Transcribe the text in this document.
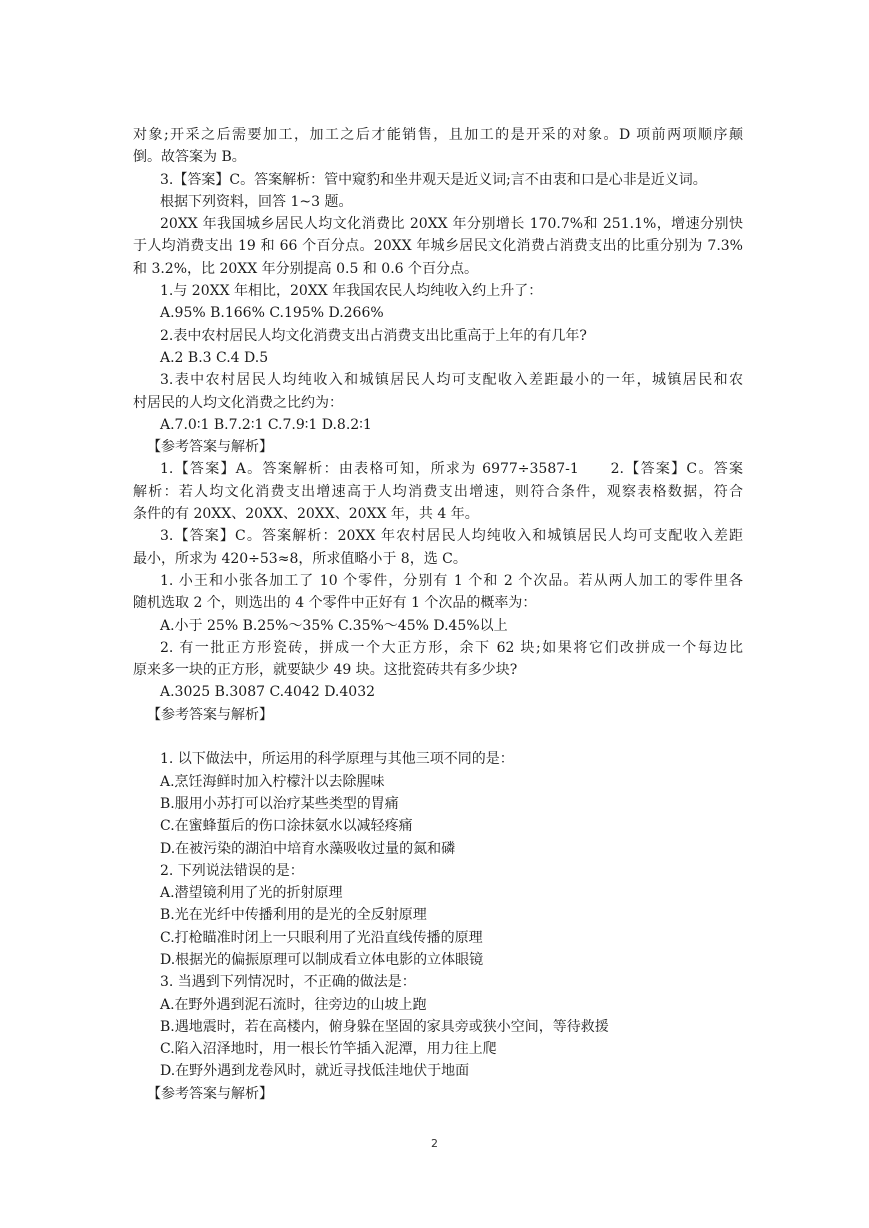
对象;开采之后需要加工，加工之后才能销售，且加工的是开采的对象。D 项前两项顺序颠

倒。故答案为 B。

3.【答案】C。答案解析：管中窥豹和坐井观天是近义词;言不由衷和口是心非是近义词。

根据下列资料，回答 1~3 题。

20XX 年我国城乡居民人均文化消费比 20XX 年分别增长 170.7%和 251.1%，增速分别快

于人均消费支出 19 和 66 个百分点。20XX 年城乡居民文化消费占消费支出的比重分别为 7.3%

和 3.2%，比 20XX 年分别提高 0.5 和 0.6 个百分点。

1.与 20XX 年相比，20XX 年我国农民人均纯收入约上升了：

A.95% B.166% C.195% D.266%

2.表中农村居民人均文化消费支出占消费支出比重高于上年的有几年?

A.2 B.3 C.4 D.5

3.表中农村居民人均纯收入和城镇居民人均可支配收入差距最小的一年，城镇居民和农

村居民的人均文化消费之比约为：

A.7.0∶1 B.7.2∶1 C.7.9∶1 D.8.2∶1

【参考答案与解析】

1.【答案】A。答案解析：由表格可知，所求为 6977÷3587-1　　2.【答案】C。答案

解析：若人均文化消费支出增速高于人均消费支出增速，则符合条件，观察表格数据，符合

条件的有 20XX、20XX、20XX、20XX 年，共 4 年。

3.【答案】C。答案解析：20XX 年农村居民人均纯收入和城镇居民人均可支配收入差距

最小，所求为 420÷53≈8，所求值略小于 8，选 C。

1. 小王和小张各加工了 10 个零件，分别有 1 个和 2 个次品。若从两人加工的零件里各

随机选取 2 个，则选出的 4 个零件中正好有 1 个次品的概率为：

A.小于 25% B.25%～35% C.35%～45% D.45%以上

2. 有一批正方形瓷砖，拼成一个大正方形，余下 62 块;如果将它们改拼成一个每边比

原来多一块的正方形，就要缺少 49 块。这批瓷砖共有多少块?

A.3025 B.3087 C.4042 D.4032

【参考答案与解析】

1. 以下做法中，所运用的科学原理与其他三项不同的是：

A.烹饪海鲜时加入柠檬汁以去除腥味

B.服用小苏打可以治疗某些类型的胃痛

C.在蜜蜂蜇后的伤口涂抹氨水以减轻疼痛

D.在被污染的湖泊中培育水藻吸收过量的氮和磷

2. 下列说法错误的是：

A.潜望镜利用了光的折射原理

B.光在光纤中传播利用的是光的全反射原理

C.打枪瞄准时闭上一只眼利用了光沿直线传播的原理

D.根据光的偏振原理可以制成看立体电影的立体眼镜

3. 当遇到下列情况时，不正确的做法是：

A.在野外遇到泥石流时，往旁边的山坡上跑

B.遇地震时，若在高楼内，俯身躲在坚固的家具旁或狭小空间，等待救援

C.陷入沼泽地时，用一根长竹竿插入泥潭，用力往上爬

D.在野外遇到龙卷风时，就近寻找低洼地伏于地面

【参考答案与解析】

2
